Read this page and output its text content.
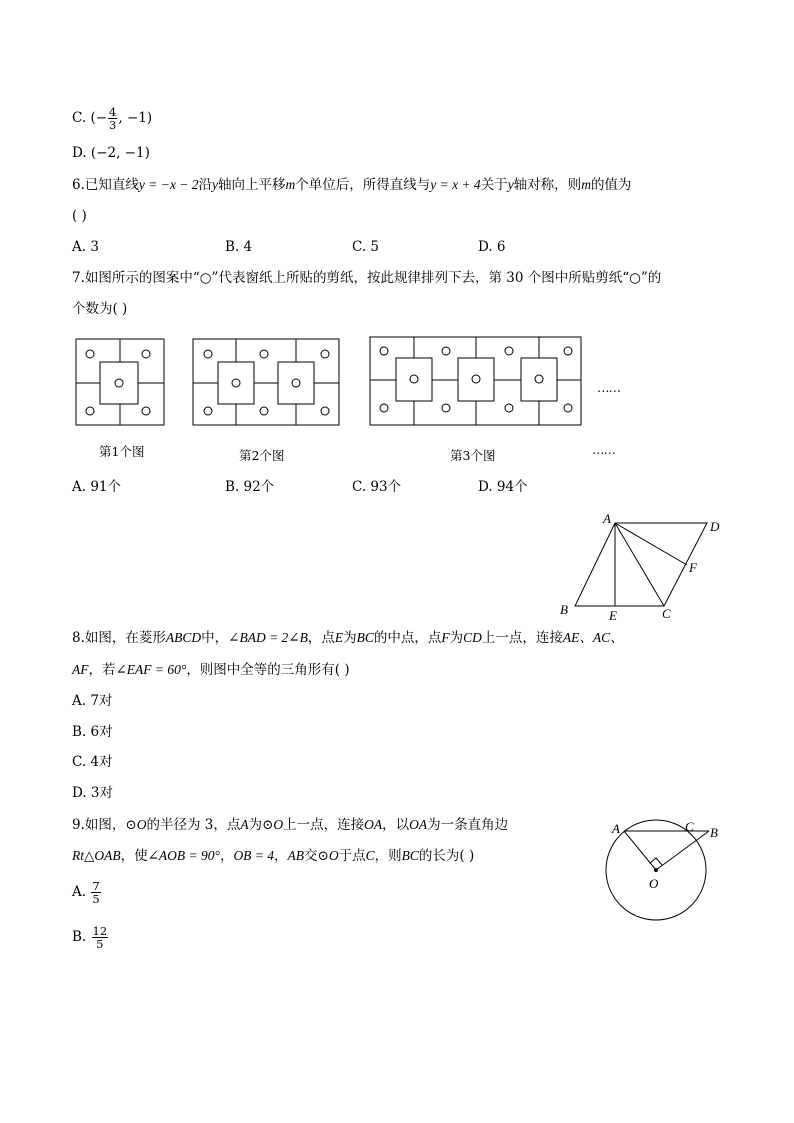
C. (− $\frac{4}{3}$ , −1)
D. (−2, −1)
6.已知直线y = −x − 2沿y轴向上平移m个单位后，所得直线与y = x + 4关于y轴对称，则m的值为
( )
A. 3	B. 4	C. 5	D. 6
7.如图所示的图案中“○”代表窗纸上所贴的剪纸，按此规律排列下去，第 30 个图中所贴剪纸“○”的
个数为( )
第1个图	第2个图	第3个图
……
……
A. 91个	B. 92个	C. 93个	D. 94个
A
D
F
B	E	C
8.如图，在菱形ABCD中，∠BAD = 2∠B，点E为BC的中点，点F为CD上一点，连接AE、AC、
AF，若∠EAF = 60°，则图中全等的三角形有( )
A. 7对
B. 6对
C. 4对
D. 3对
A	C B
O
9.如图，⊙O的半径为 3，点A为⊙O上一点，连接OA，以OA为一条直角边
Rt△OAB，使∠AOB = 90°，OB = 4，AB交⊙O于点C，则BC的长为( )
A. $\frac{7}{5}$
B. $\frac{12}{5}$
